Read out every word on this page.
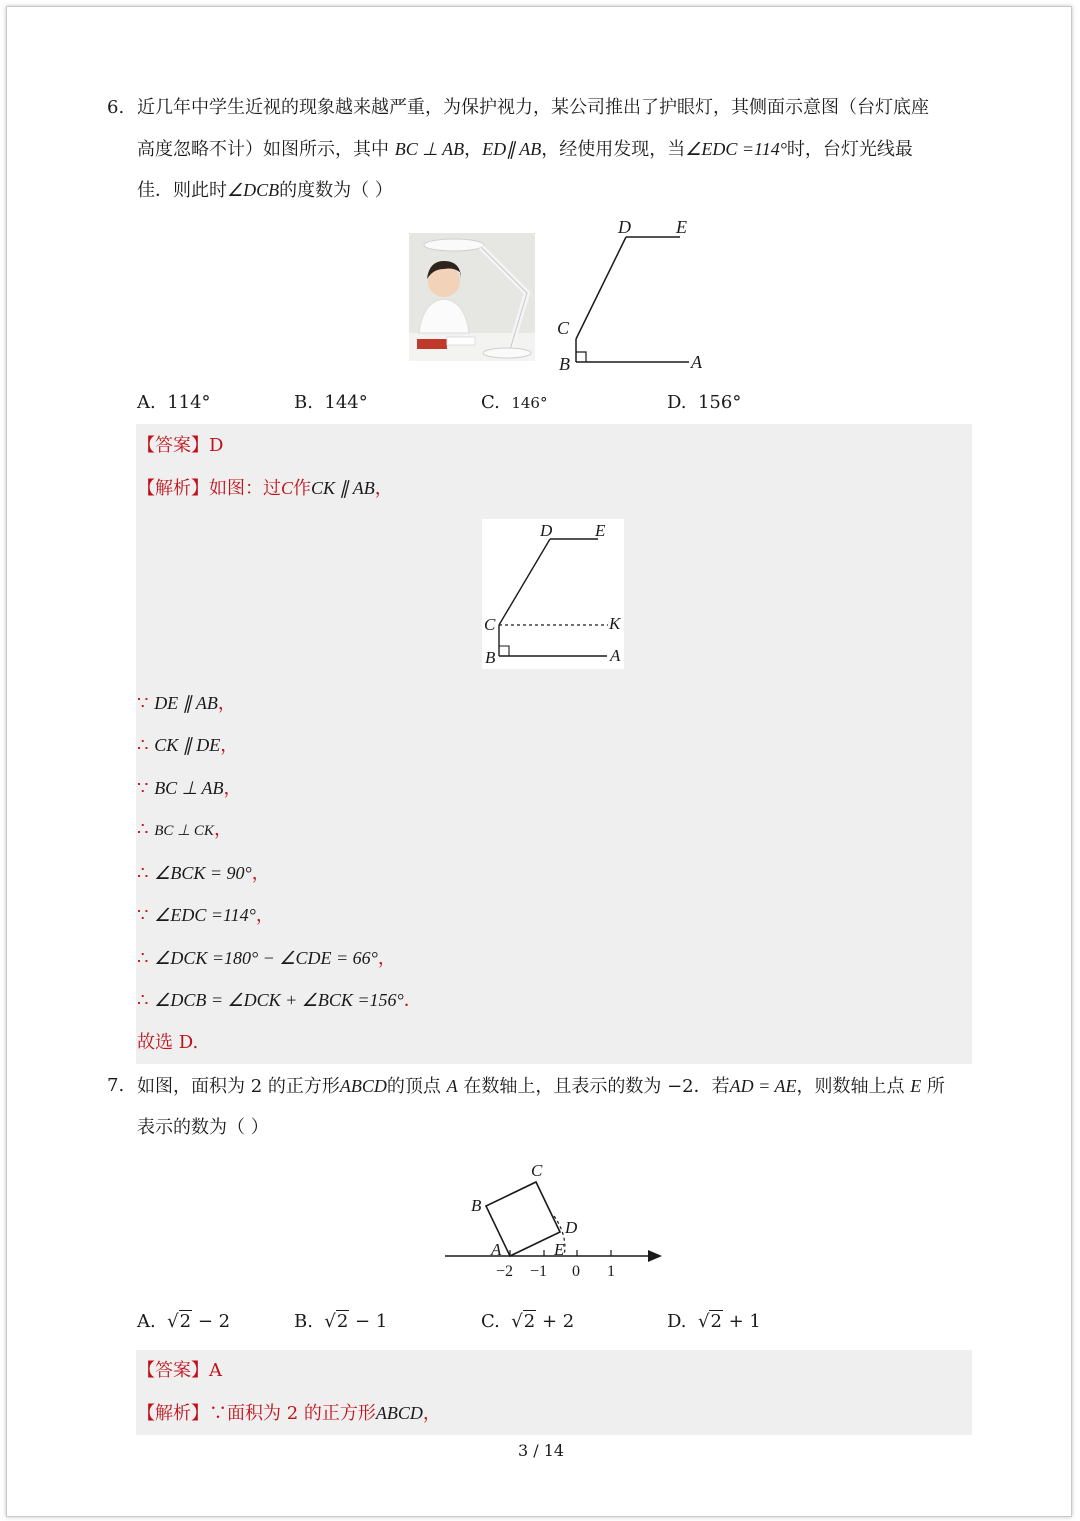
6. 近几年中学生近视的现象越来越严重，为保护视力，某公司推出了护眼灯，其侧面示意图（台灯底座
高度忽略不计）如图所示，其中 BC ⊥ AB，ED∥ AB，经使用发现，当∠EDC =114°时，台灯光线最
佳．则此时∠DCB的度数为（ ）
D	E
C
B	A
A. 114°	B. 144°	C. 146°	D. 156°
【答案】D
【解析】如图：过C作CK ∥ AB，
D	E
C	K
B	A
∵ DE ∥ AB，
∴ CK ∥ DE，
∵ BC ⊥ AB，
∴ BC ⊥ CK，
∴ ∠BCK = 90°，
∵ ∠EDC =114°，
∴ ∠DCK =180° − ∠CDE = 66°，
∴ ∠DCB = ∠DCK + ∠BCK =156°．
故选 D.
7. 如图，面积为 2 的正方形ABCD的顶点 A 在数轴上，且表示的数为 −2．若AD = AE，则数轴上点 E 所
表示的数为（ ）
C
B
D
A	E
−2 −1 0 1
A.  √2 − 2	B.  √2 − 1	C.  √2 + 2	D.  √2 + 1
【答案】A
【解析】∵面积为 2 的正方形ABCD，
3 / 14
